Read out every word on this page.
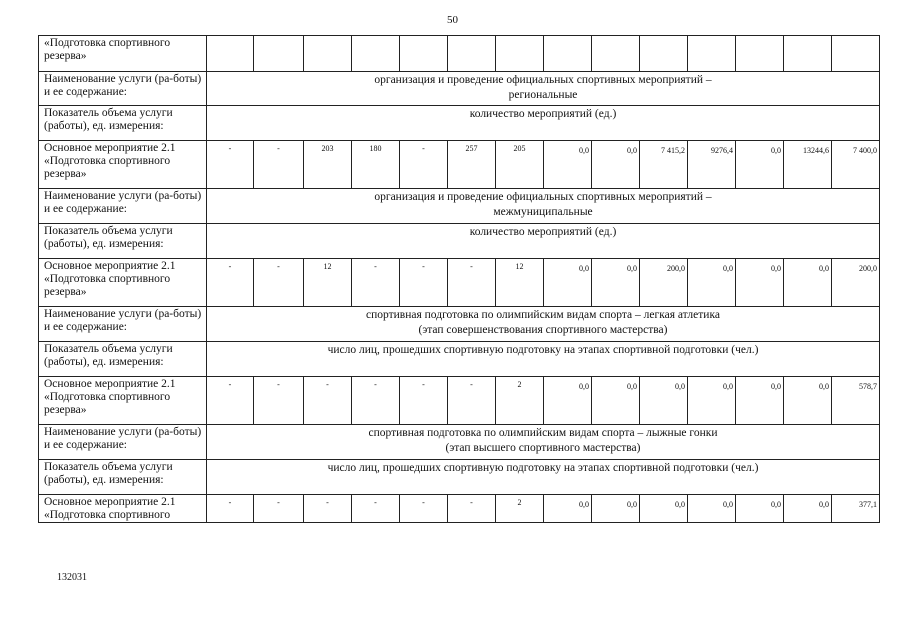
50
«Подготовка спортивного резерва»														
Наименование услуги (ра-боты) и ее содержание:	организация и проведение официальных спортивных мероприятий –
региональные													

Показатель объема услуги (работы), ед. измерения:	количество мероприятий (ед.)													

Основное мероприятие 2.1 «Подготовка спортивного резерва»	-	-	203	180	-	257	205	0,0	0,0	7 415,2	9276,4	0,0	13244,6	7 400,0
Наименование услуги (ра-боты) и ее содержание:	организация и проведение официальных спортивных мероприятий –
межмуниципальные													

Показатель объема услуги (работы), ед. измерения:	количество мероприятий (ед.)													

Основное мероприятие 2.1 «Подготовка спортивного резерва»	-	-	12	-	-	-	12	0,0	0,0	200,0	0,0	0,0	0,0	200,0
Наименование услуги (ра-боты) и ее содержание:	спортивная подготовка по олимпийским видам спорта – легкая атлетика
(этап совершенствования спортивного мастерства)													

Показатель объема услуги (работы), ед. измерения:	число лиц, прошедших спортивную подготовку на этапах спортивной подготовки (чел.)													

Основное мероприятие 2.1 «Подготовка спортивного резерва»	-	-	-	-	-	-	2	0,0	0,0	0,0	0,0	0,0	0,0	578,7
Наименование услуги (ра-боты) и ее содержание:	спортивная подготовка по олимпийским видам спорта – лыжные гонки
(этап высшего спортивного мастерства)													

Показатель объема услуги (работы), ед. измерения:	число лиц, прошедших спортивную подготовку на этапах спортивной подготовки (чел.)													

Основное мероприятие 2.1 «Подготовка спортивного	-	-	-	-	-	-	2	0,0	0,0	0,0	0,0	0,0	0,0	377,1
132031
